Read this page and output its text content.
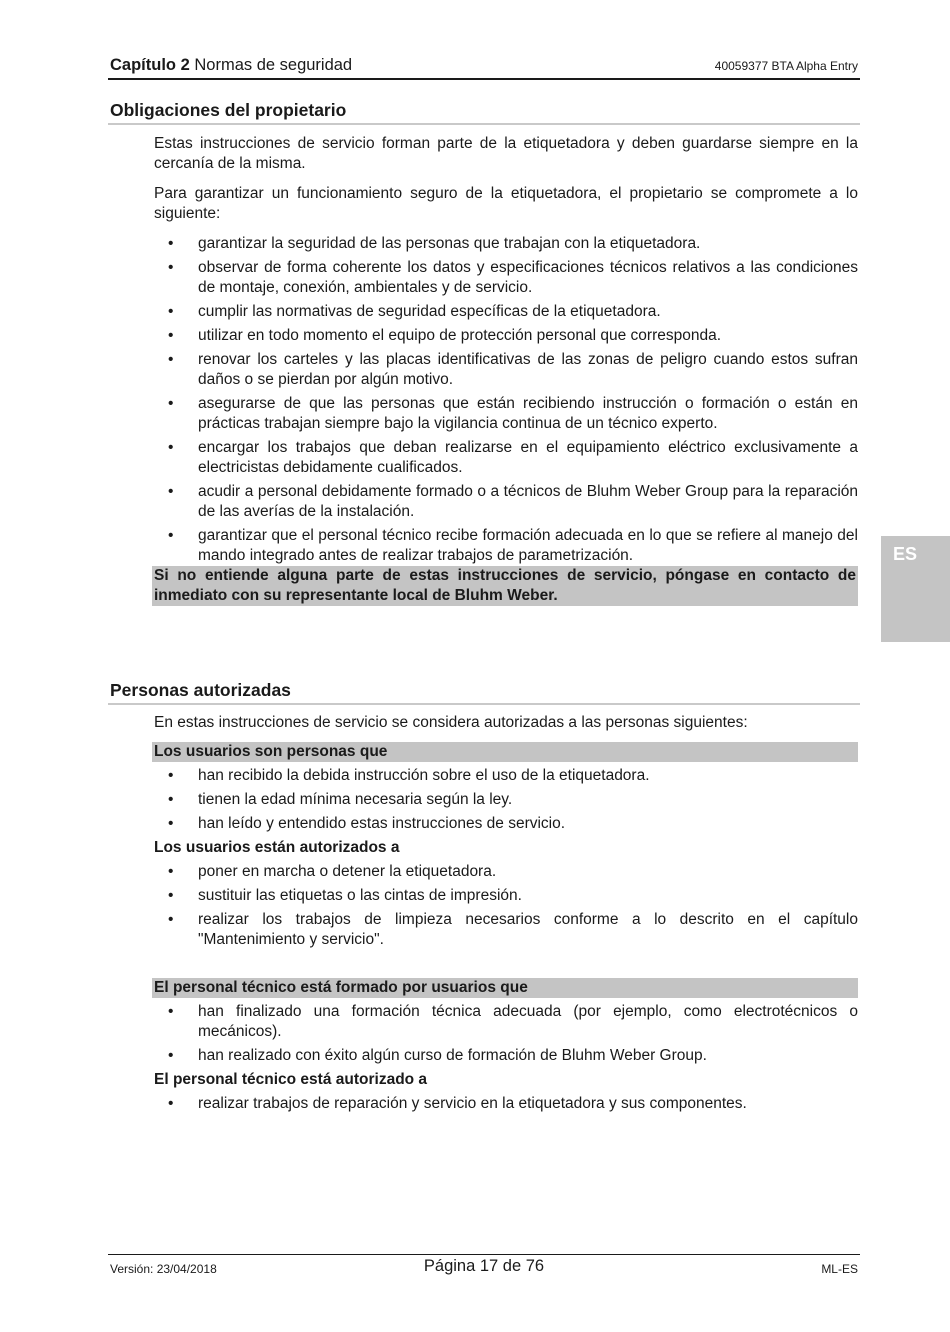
Capítulo 2 Normas de seguridad	40059377 BTA Alpha Entry
Obligaciones del propietario

Estas instrucciones de servicio forman parte de la etiquetadora y deben guardarse siempre en la cercanía de la misma.

Para garantizar un funcionamiento seguro de la etiquetadora, el propietario se compromete a lo siguiente:

• garantizar la seguridad de las personas que trabajan con la etiquetadora.
• observar de forma coherente los datos y especificaciones técnicos relativos a las condiciones de montaje, conexión, ambientales y de servicio.
• cumplir las normativas de seguridad específicas de la etiquetadora.
• utilizar en todo momento el equipo de protección personal que corresponda.
• renovar los carteles y las placas identificativas de las zonas de peligro cuando estos sufran daños o se pierdan por algún motivo.
• asegurarse de que las personas que están recibiendo instrucción o formación o están en prácticas trabajan siempre bajo la vigilancia continua de un técnico experto.
• encargar los trabajos que deban realizarse en el equipamiento eléctrico exclusivamente a electricistas debidamente cualificados.
• acudir a personal debidamente formado o a técnicos de Bluhm Weber Group para la reparación de las averías de la instalación.
• garantizar que el personal técnico recibe formación adecuada en lo que se refiere al manejo del mando integrado antes de realizar trabajos de parametrización.
Si no entiende alguna parte de estas instrucciones de servicio, póngase en contacto de inmediato con su representante local de Bluhm Weber.
ES
Personas autorizadas

En estas instrucciones de servicio se considera autorizadas a las personas siguientes:

Los usuarios son personas que
• han recibido la debida instrucción sobre el uso de la etiquetadora.
• tienen la edad mínima necesaria según la ley.
• han leído y entendido estas instrucciones de servicio.
Los usuarios están autorizados a
• poner en marcha o detener la etiquetadora.
• sustituir las etiquetas o las cintas de impresión.
• realizar los trabajos de limpieza necesarios conforme a lo descrito en el capítulo "Mantenimiento y servicio".
El personal técnico está formado por usuarios que
• han finalizado una formación técnica adecuada (por ejemplo, como electrotécnicos o mecánicos).
• han realizado con éxito algún curso de formación de Bluhm Weber Group.
El personal técnico está autorizado a
• realizar trabajos de reparación y servicio en la etiquetadora y sus componentes.
Versión: 23/04/2018	Página 17 de 76	ML-ES
